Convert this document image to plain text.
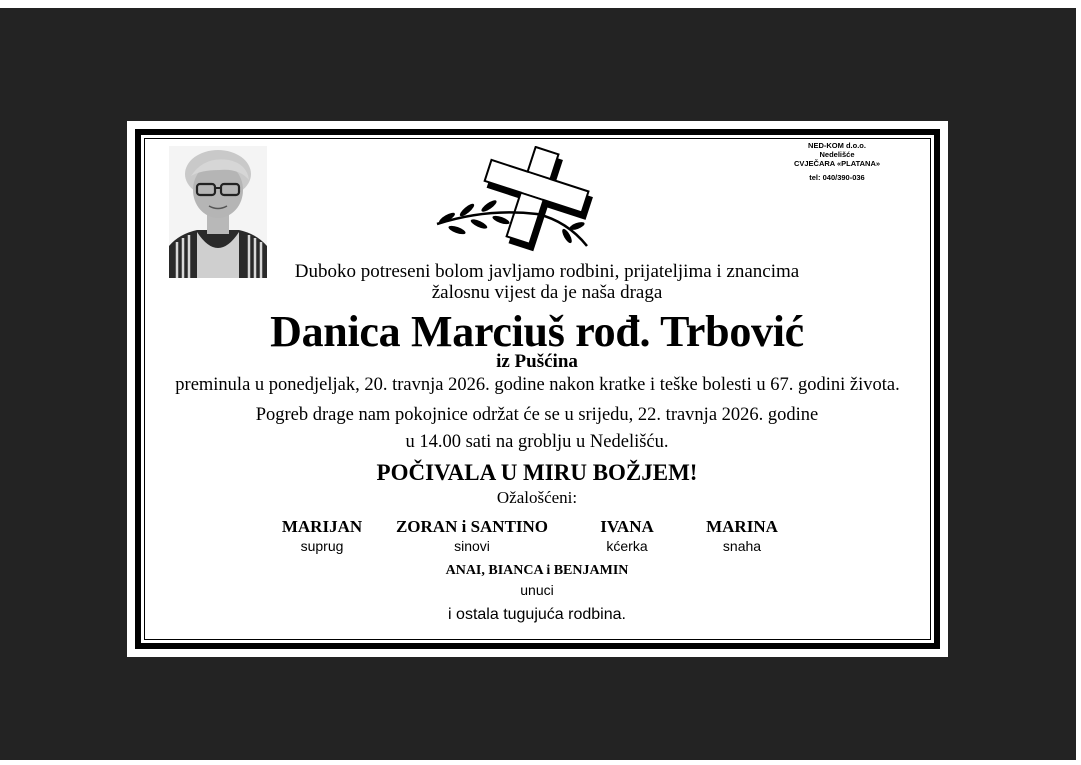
NED-KOM d.o.o.
Nedelišće
CVJEČARA «PLATANA»
tel: 040/390-036
Duboko potreseni bolom javljamo rodbini, prijateljima i znancima
žalosnu vijest da je naša draga
Danica Marciuš rođ. Trbović
iz Pušćina
preminula u ponedjeljak, 20. travnja 2026. godine nakon kratke i teške bolesti u 67. godini života.
Pogreb drage nam pokojnice održat će se u srijedu, 22. travnja 2026. godine
u 14.00 sati na groblju u Nedelišću.
POČIVALA U MIRU BOŽJEM!
Ožalošćeni:
MARIJAN
suprug
ZORAN i SANTINO
sinovi
IVANA
kćerka
MARINA
snaha
ANAI, BIANCA i BENJAMIN
unuci
i ostala tugujuća rodbina.
